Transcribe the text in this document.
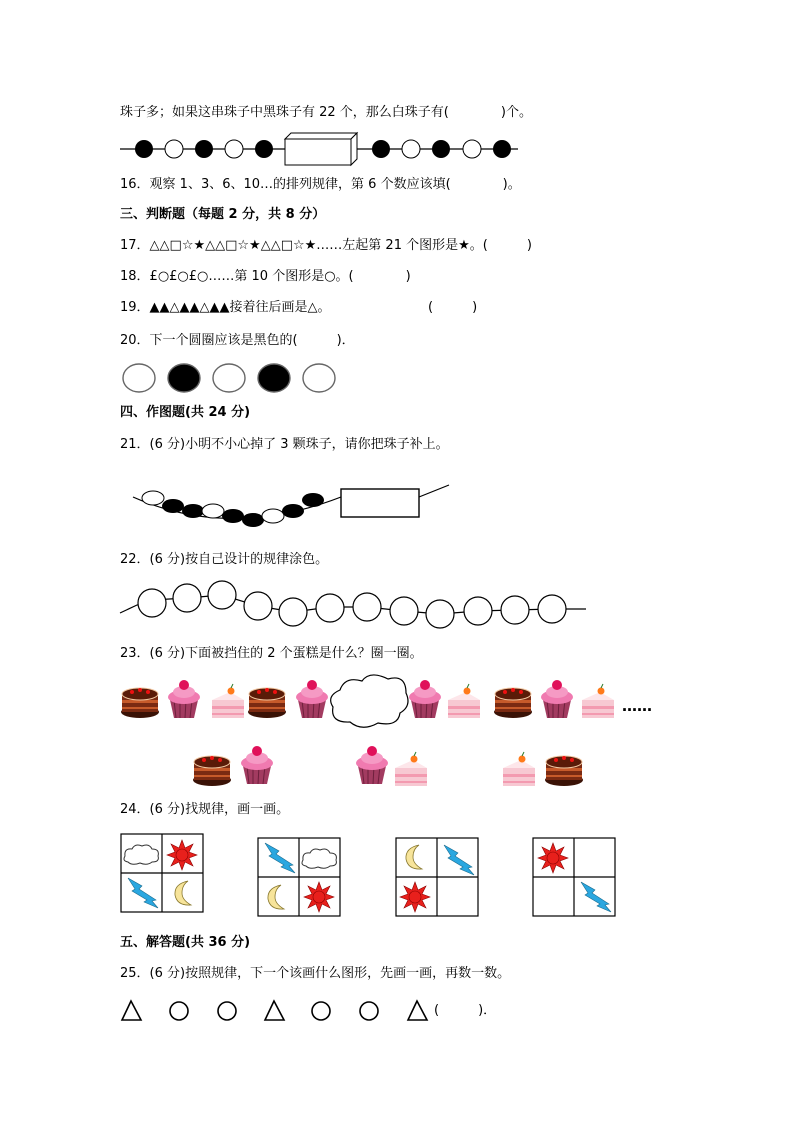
珠子多；如果这串珠子中黑珠子有 22 个，那么白珠子有(　　　　)个。
16．观察 1、3、6、10…的排列规律，第 6 个数应该填(　　　　)。
三、判断题（每题 2 分，共 8 分）
17．△△□☆★△△□☆★△△□☆★……左起第 21 个图形是★。(　　　)
18．£○£○£○……第 10 个图形是○。(　　　　)
19．▲▲△▲▲△▲▲接着往后画是△。	(　　　)
20．下一个圆圈应该是黑色的(　　　)．
四、作图题(共 24 分)
21．(6 分)小明不小心掉了 3 颗珠子，请你把珠子补上。
22．(6 分)按自己设计的规律涂色。
23．(6 分)下面被挡住的 2 个蛋糕是什么？圈一圈。
……
24．(6 分)找规律，画一画。
五、解答题(共 36 分)
25．(6 分)按照规律，下一个该画什么图形，先画一画，再数一数。
(　　　)．
